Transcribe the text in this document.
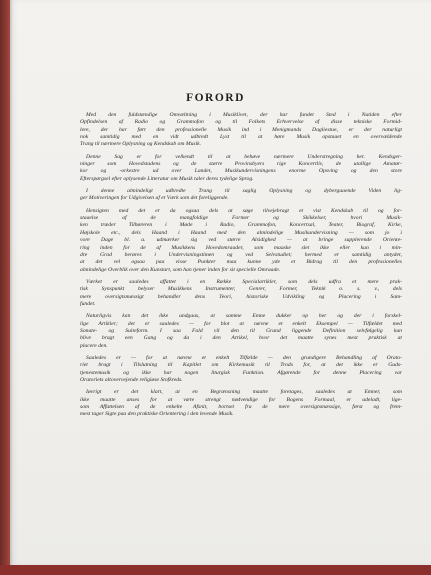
FORORD

Med den fuldstændige Omvæltning i Musiklivet, der har fundet Sted i Nutiden efter
Opfindelsen af Radio og Grammofon og til Folkets Erhvervelse af disse tekniske Formid-
lere, der har ført den professionelle Musik ind i Menigmands Dagliestue, er der naturligt
nok samtidig med en vidt udbredt Lyst til at høre Musik opstaaet en overvældende
Trang til nærmere Oplysning og Kendskab om Musik.

Denne Sag er for velkendt til at behøve nærmere Understregning her. Kendsger-
ninger som Hovedstadens og de større Provinsbyers rige Koncertliv, de utallige Amatør-
kor og -orkestre ud over Landet, Musikundervisningens enorme Opsving og den store
Efterspørgsel efter oplysende Litteratur om Musik taler deres tydelige Sprog.

I denne almindeligt udbredte Trang til saglig Oplysning og dybergaaende Viden lig-
ger Motiveringen for Udgivelsen af et Værk som det foreliggende.

Hensigten med det er da ogsaa dels at søge tilvejebragt et vist Kendskab til og for-
staaelse af de mangfoldige Former og Skikkelser, hvori Musik-
ken træder Tilhøreren i Møde i Radio, Grammofon, Koncertsal, Teater, Biograf, Kirke,
Højskole etc., dels Haand i Haand med den almindelige Musikundervisning — som jo i
vore Dage bl. a. udmærker sig ved større Alsidighed — at bringe supplerende Oriente-
ring inden for de af Musikkens Hovedomraader, som maaske slet ikke eller kun i min-
dre Grad berøres i Undervisningstimen og ved Selvstudiet; hermed er samtidig antydet,
at det vel ogsaa paa visse Punkter maa kunne yde et Bidrag til den professionelles
almindelige Overblik over den Kunstart, som han tjener inden for sit specielle Omraade.

Værket er saaledes affattet i en Række Specialartikler, som dels udfra et mere prak-
tisk Synspunkt belyser Musikkens Instrumenter, Genrer, Former, Teknik o. s. v., dels
mere oversigtsmæssigt behandler dens Teori, historiske Udvikling og Placering i Sam-
fundet.

Naturligvis kan det ikke undgaas, at samme Emne dukker op her og der i forskel-
lige Artikler; det er saaledes — for blot at nævne et enkelt Eksempel — Tilfældet med
Sonate- og Suiteform. I saa Fald vil den til Grund liggende Definition selvfølgelig kun
blive bragt een Gang og da i den Artikel, hvor det maatte synes mest praktisk at
placere den.

Saaledes er — for at nævne et enkelt Tilfælde — den grundigere Behandling af Orato-
riet bragt i Tilslutning til Kapitlet om Kirkemusik til Trods for, at det ikke er Guds-
tjenestemusik og ikke har nogen liturgisk Funktion. Afgørende for denne Placering var
Oratoriets altovervejende religiøse Stofkreds.

Iøvrigt er det klart, at en Begrænsning maatte foretages, saaledes at Emner, som
ikke maatte anses for at være strengt nødvendige for Bogens Formaal, er udeladt, lige-
som Affattelsen af de enkelte Afsnit, bortset fra de mere oversigtsmæssige, først og frem-
mest tager Sigte paa den praktiske Orientering i den levende Musik.
